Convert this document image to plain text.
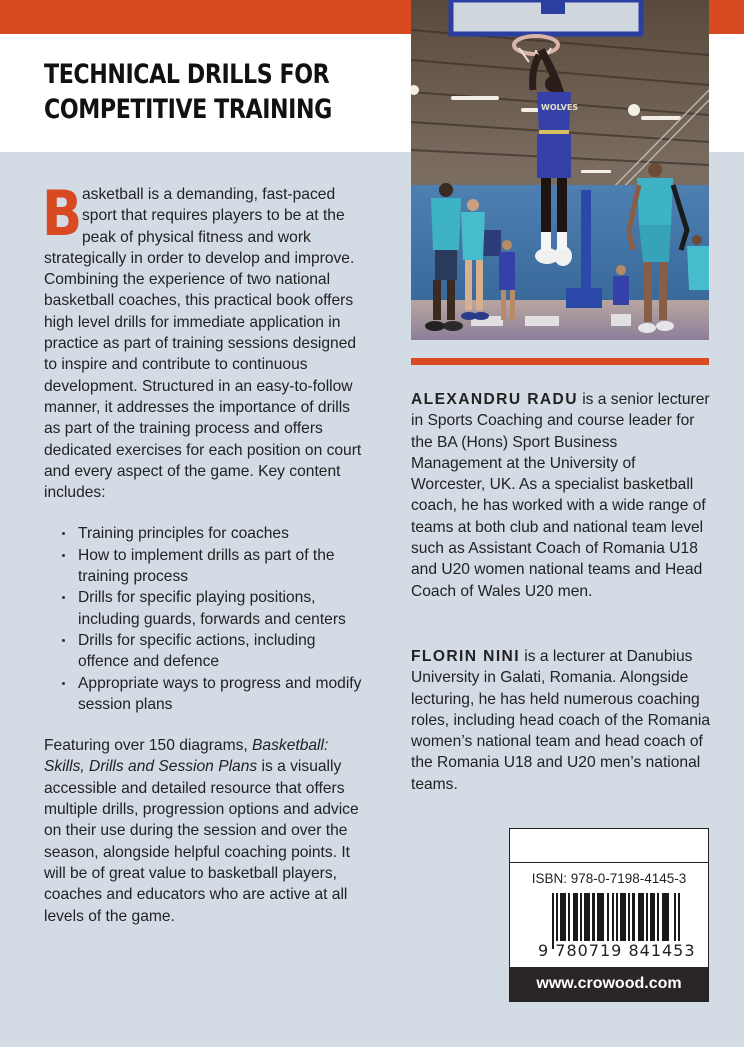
TECHNICAL DRILLS FOR
COMPETITIVE TRAINING

Basketball is a demanding, fast-paced sport that requires players to be at the peak of physical fitness and work strategically in order to develop and improve. Combining the experience of two national basketball coaches, this practical book offers high level drills for immediate application in practice as part of training sessions designed to inspire and contribute to continuous development. Structured in an easy-to-follow manner, it addresses the importance of drills as part of the training process and offers dedicated exercises for each position on court and every aspect of the game. Key content includes:

Training principles for coaches
How to implement drills as part of the training process
Drills for specific playing positions, including guards, forwards and centers
Drills for specific actions, including offence and defence
Appropriate ways to progress and modify session plans

Featuring over 150 diagrams, Basketball: Skills, Drills and Session Plans is a visually accessible and detailed resource that offers multiple drills, progression options and advice on their use during the session and over the season, alongside helpful coaching points. It will be of great value to basketball players, coaches and educators who are active at all levels of the game.

WOLVES

ALEXANDRU RADU is a senior lecturer in Sports Coaching and course leader for the BA (Hons) Sport Business Management at the University of Worcester, UK. As a specialist basketball coach, he has worked with a wide range of teams at both club and national team level such as Assistant Coach of Romania U18 and U20 women national teams and Head Coach of Wales U20 men.

FLORIN NINI is a lecturer at Danubius University in Galati, Romania. Alongside lecturing, he has held numerous coaching roles, including head coach of the Romania women’s national team and head coach of the Romania U18 and U20 men’s national teams.

ISBN: 978-0-7198-4145-3
9 780719 841453
www.crowood.com
